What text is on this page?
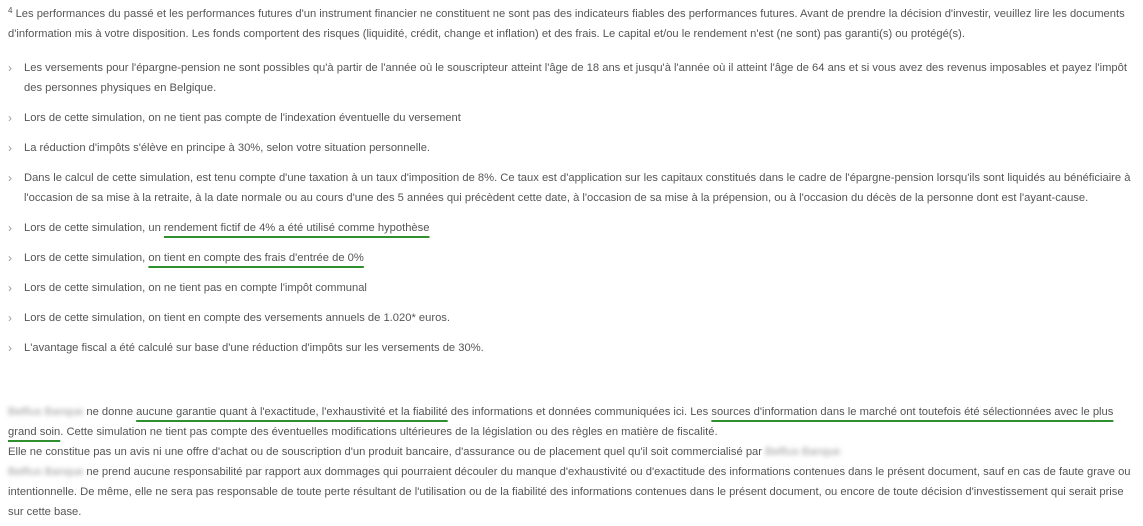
$^4$ Les performances du passé et les performances futures d'un instrument financier ne constituent ne sont pas des indicateurs fiables des performances futures. Avant de prendre la décision d'investir, veuillez lire les documents d'information mis à votre disposition. Les fonds comportent des risques (liquidité, crédit, change et inflation) et des frais. Le capital et/ou le rendement n'est (ne sont) pas garanti(s) ou protégé(s).

› Les versements pour l'épargne-pension ne sont possibles qu'à partir de l'année où le souscripteur atteint l'âge de 18 ans et jusqu'à l'année où il atteint l'âge de 64 ans et si vous avez des revenus imposables et payez l'impôt des personnes physiques en Belgique.
› Lors de cette simulation, on ne tient pas compte de l'indexation éventuelle du versement
› La réduction d'impôts s'élève en principe à 30%, selon votre situation personnelle.
› Dans le calcul de cette simulation, est tenu compte d'une taxation à un taux d'imposition de 8%. Ce taux est d'application sur les capitaux constitués dans le cadre de l'épargne-pension lorsqu'ils sont liquidés au bénéficiaire à l'occasion de sa mise à la retraite, à la date normale ou au cours d'une des 5 années qui précèdent cette date, à l'occasion de sa mise à la prépension, ou à l'occasion du décès de la personne dont est l'ayant-cause.
› Lors de cette simulation, un rendement fictif de 4% a été utilisé comme hypothèse
› Lors de cette simulation, on tient en compte des frais d'entrée de 0%
› Lors de cette simulation, on ne tient pas en compte l'impôt communal
› Lors de cette simulation, on tient en compte des versements annuels de 1.020* euros.
› L'avantage fiscal a été calculé sur base d'une réduction d'impôts sur les versements de 30%.
Belfius Banque ne donne aucune garantie quant à l'exactitude, l'exhaustivité et la fiabilité des informations et données communiquées ici. Les sources d'information dans le marché ont toutefois été sélectionnées avec le plus grand soin. Cette simulation ne tient pas compte des éventuelles modifications ultérieures de la législation ou des règles en matière de fiscalité.
Elle ne constitue pas un avis ni une offre d'achat ou de souscription d'un produit bancaire, d'assurance ou de placement quel qu'il soit commercialisé par Belfius Banque
Belfius Banque ne prend aucune responsabilité par rapport aux dommages qui pourraient découler du manque d'exhaustivité ou d'exactitude des informations contenues dans le présent document, sauf en cas de faute grave ou intentionnelle. De même, elle ne sera pas responsable de toute perte résultant de l'utilisation ou de la fiabilité des informations contenues dans le présent document, ou encore de toute décision d'investissement qui serait prise sur cette base.
